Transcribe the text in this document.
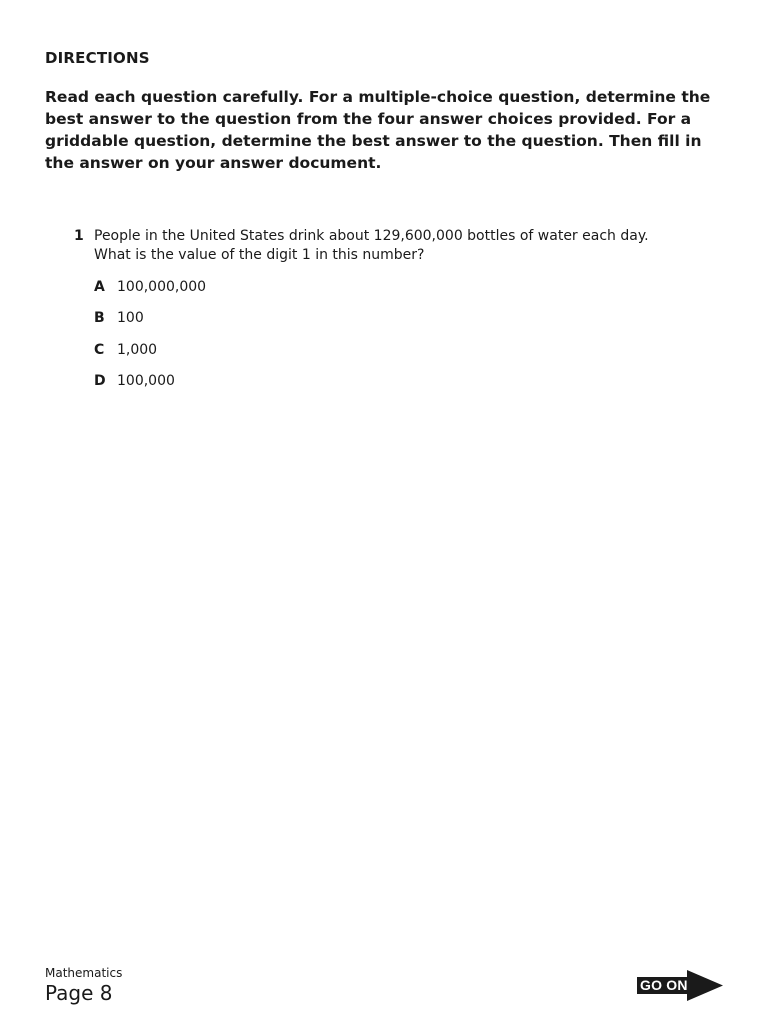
DIRECTIONS
Read each question carefully. For a multiple-choice question, determine the best answer to the question from the four answer choices provided. For a griddable question, determine the best answer to the question. Then fill in the answer on your answer document.
1 People in the United States drink about 129,600,000 bottles of water each day.
What is the value of the digit 1 in this number?
A 100,000,000
B 100
C 1,000
D 100,000
Mathematics
Page 8	GO ON
